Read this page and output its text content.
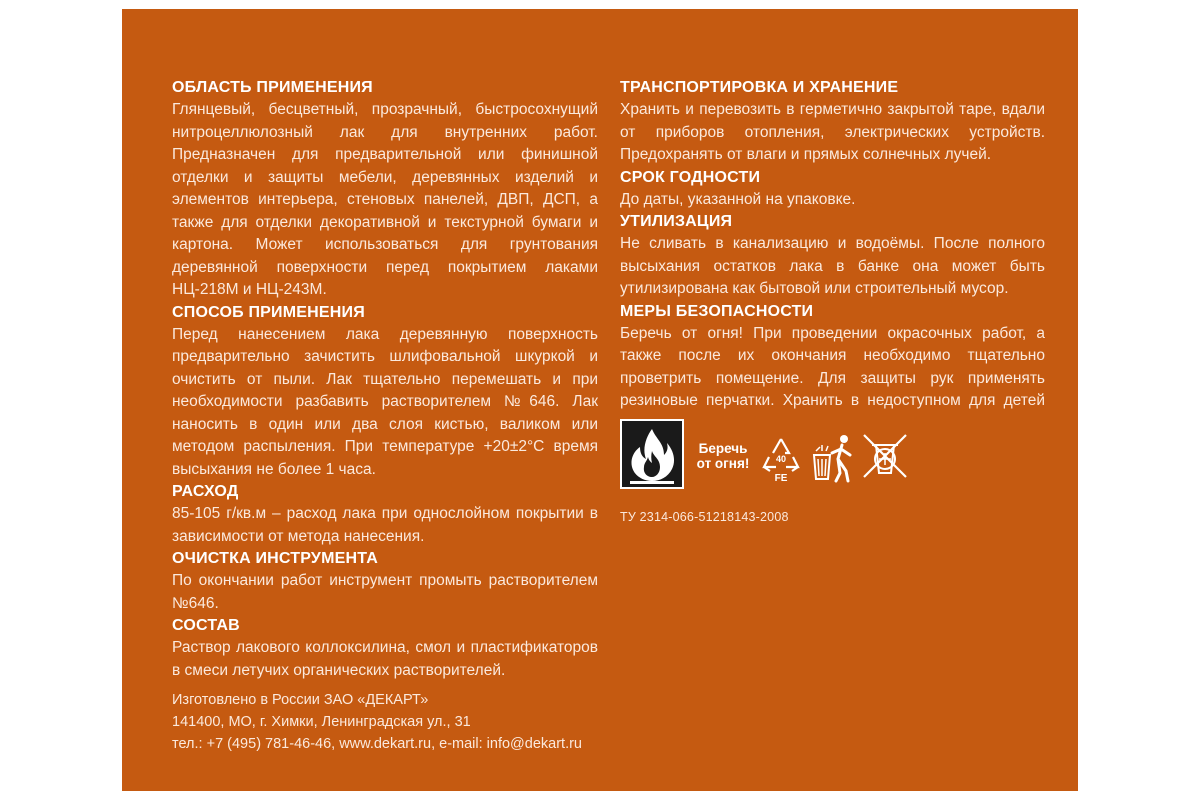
ОБЛАСТЬ ПРИМЕНЕНИЯ

Глянцевый, бесцветный, прозрачный, быстросохнущий нитроцеллюлозный лак для внутренних работ. Предназначен для предварительной или финишной отделки и защиты мебели, деревянных изделий и элементов интерьера, стеновых панелей, ДВП, ДСП, а также для отделки декоративной и текстурной бумаги и картона. Может использоваться для грунтования деревянной поверхности перед покрытием лаками НЦ-218М и НЦ-243М.

СПОСОБ ПРИМЕНЕНИЯ

Перед нанесением лака деревянную поверхность предварительно зачистить шлифовальной шкуркой и очистить от пыли. Лак тщательно перемешать и при необходимости разбавить растворителем №646. Лак наносить в один или два слоя кистью, валиком или методом распыления. При температуре +20±2°С время высыхания не более 1 часа.

РАСХОД

85-105 г/кв.м – расход лака при однослойном покрытии в зависимости от метода нанесения.

ОЧИСТКА ИНСТРУМЕНТА

По окончании работ инструмент промыть растворителем №646.

СОСТАВ

Раствор лакового коллоксилина, смол и пластификаторов в смеси летучих органических растворителей.

ТРАНСПОРТИРОВКА И ХРАНЕНИЕ

Хранить и перевозить в герметично закрытой таре, вдали от приборов отопления, электрических устройств. Предохранять от влаги и прямых солнечных лучей.

СРОК ГОДНОСТИ

До даты, указанной на упаковке.

УТИЛИЗАЦИЯ

Не сливать в канализацию и водоёмы. После полного высыхания остатков лака в банке она может быть утилизирована как бытовой или строительный мусор.

МЕРЫ БЕЗОПАСНОСТИ

Беречь от огня! При проведении окрасочных работ, а также после их окончания необходимо тщательно проветрить помещение. Для защиты рук применять резиновые перчатки. Хранить в недоступном для детей

Беречь
от огня!	40
FE
ТУ 2314-066-51218143-2008
Изготовлено в России ЗАО «ДЕКАРТ»
141400, МО, г. Химки, Ленинградская ул., 31
тел.: +7 (495) 781-46-46, www.dekart.ru, e-mail: info@dekart.ru
